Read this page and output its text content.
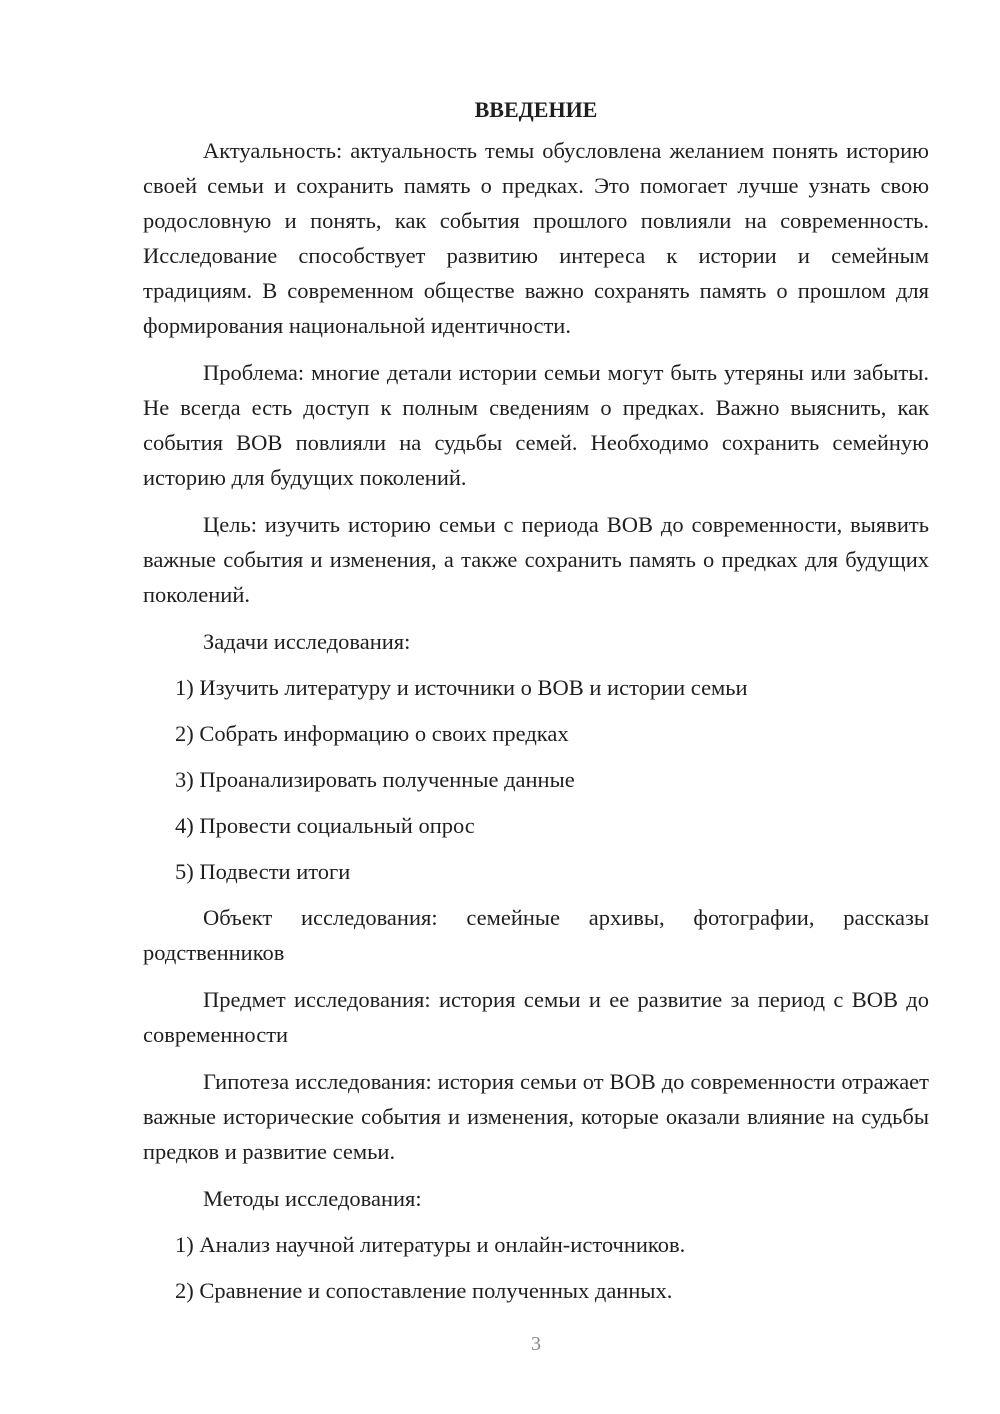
ВВЕДЕНИЕ
Актуальность: актуальность темы обусловлена желанием понять историю своей семьи и сохранить память о предках. Это помогает лучше узнать свою родословную и понять, как события прошлого повлияли на современность. Исследование способствует развитию интереса к истории и семейным традициям. В современном обществе важно сохранять память о прошлом для формирования национальной идентичности.
Проблема: многие детали истории семьи могут быть утеряны или забыты. Не всегда есть доступ к полным сведениям о предках. Важно выяснить, как события ВОВ повлияли на судьбы семей. Необходимо сохранить семейную историю для будущих поколений.
Цель: изучить историю семьи с периода ВОВ до современности, выявить важные события и изменения, а также сохранить память о предках для будущих поколений.
Задачи исследования:
1) Изучить литературу и источники о ВОВ и истории семьи
2) Собрать информацию о своих предках
3) Проанализировать полученные данные
4) Провести социальный опрос
5) Подвести итоги
Объект исследования: семейные архивы, фотографии, рассказы родственников
Предмет исследования: история семьи и ее развитие за период с ВОВ до современности
Гипотеза исследования: история семьи от ВОВ до современности отражает важные исторические события и изменения, которые оказали влияние на судьбы предков и развитие семьи.
Методы исследования:
1) Анализ научной литературы и онлайн-источников.
2) Сравнение и сопоставление полученных данных.
3
